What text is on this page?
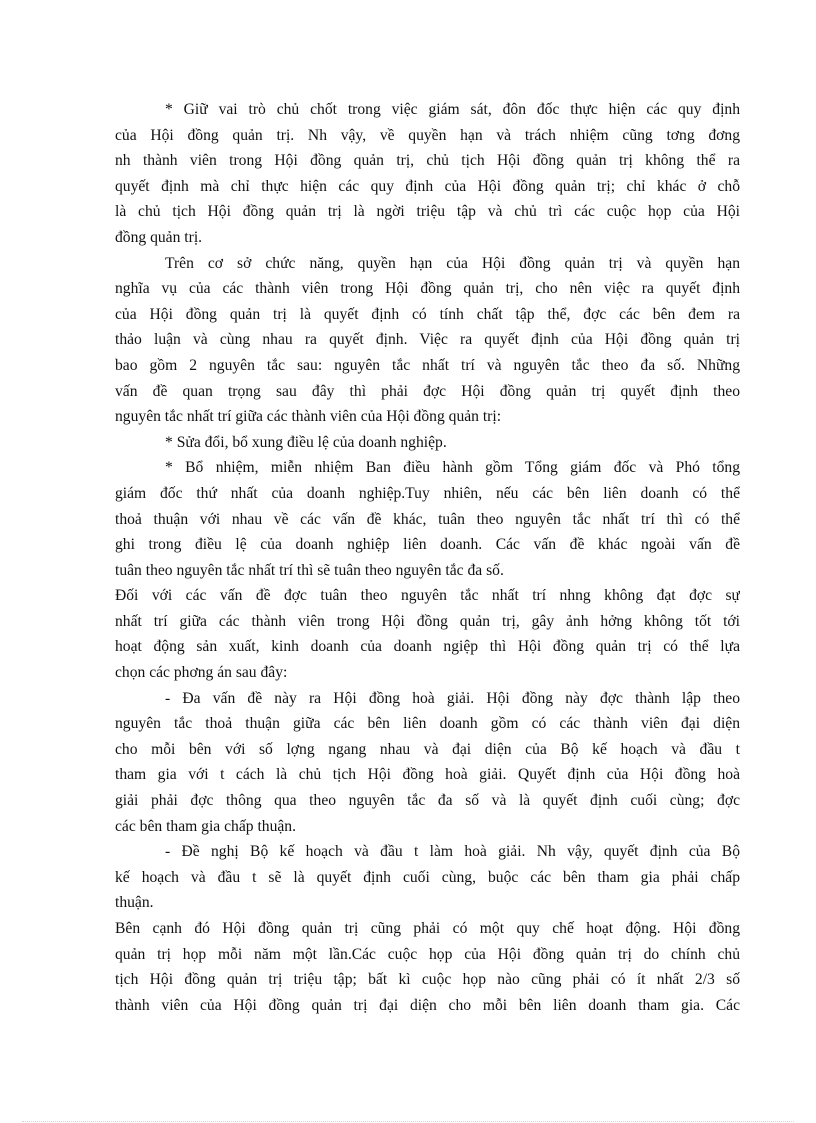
* Giữ vai trò chủ chốt trong việc giám sát, đôn đốc thực hiện các quy định
của Hội đồng quản trị. Nh vậy, về quyền hạn và trách nhiệm cũng tơng đơng
nh thành viên trong Hội đồng quản trị, chủ tịch Hội đồng quản trị không thể ra
quyết định mà chỉ thực hiện các quy định của Hội đồng quản trị; chỉ khác ở chỗ
là chủ tịch Hội đồng quản trị là ngời triệu tập và chủ trì các cuộc họp của Hội
đồng quản trị.
Trên cơ sở chức năng, quyền hạn của Hội đồng quản trị và quyền hạn
nghĩa vụ của các thành viên trong Hội đồng quản trị, cho nên việc ra quyết định
của Hội đồng quản trị là quyết định có tính chất tập thể, đợc các bên đem ra
thảo luận và cùng nhau ra quyết định. Việc ra quyết định của Hội đồng quản trị
bao gồm 2 nguyên tắc sau: nguyên tắc nhất trí và nguyên tắc theo đa số. Những
vấn đề quan trọng sau đây thì phải đợc Hội đồng quản trị quyết định theo
nguyên tắc nhất trí giữa các thành viên của Hội đồng quản trị:
* Sửa đổi, bổ xung điều lệ của doanh nghiệp.
* Bổ nhiệm, miễn nhiệm Ban điều hành gồm Tổng giám đốc và Phó tổng
giám đốc thứ nhất của doanh nghiệp.Tuy nhiên, nếu các bên liên doanh có thể
thoả thuận với nhau về các vấn đề khác, tuân theo nguyên tắc nhất trí thì có thể
ghi trong điều lệ của doanh nghiệp liên doanh. Các vấn đề khác ngoài vấn đề
tuân theo nguyên tắc nhất trí thì sẽ tuân theo nguyên tắc đa số.
Đối với các vấn đề đợc tuân theo nguyên tắc nhất trí nhng không đạt đợc sự
nhất trí giữa các thành viên trong Hội đồng quản trị, gây ảnh hởng không tốt tới
hoạt động sản xuất, kinh doanh của doanh ngiệp thì Hội đồng quản trị có thể lựa
chọn các phơng án sau đây:
- Đa vấn đề này ra Hội đồng hoà giải. Hội đồng này đợc thành lập theo
nguyên tắc thoả thuận giữa các bên liên doanh gồm có các thành viên đại diện
cho mỗi bên với số lợng ngang nhau và đại diện của Bộ kế hoạch và đầu t
tham gia với t cách là chủ tịch Hội đồng hoà giải. Quyết định của Hội đồng hoà
giải phải đợc thông qua theo nguyên tắc đa số và là quyết định cuối cùng; đợc
các bên tham gia chấp thuận.
- Đề nghị Bộ kế hoạch và đầu t làm hoà giải. Nh vậy, quyết định của Bộ
kế hoạch và đầu t sẽ là quyết định cuối cùng, buộc các bên tham gia phải chấp
thuận.
Bên cạnh đó Hội đồng quản trị cũng phải có một quy chế hoạt động. Hội đồng
quản trị họp mỗi năm một lần.Các cuộc họp của Hội đồng quản trị do chính chủ
tịch Hội đồng quản trị triệu tập; bất kì cuộc họp nào cũng phải có ít nhất 2/3 số
thành viên của Hội đồng quản trị đại diện cho mỗi bên liên doanh tham gia. Các
